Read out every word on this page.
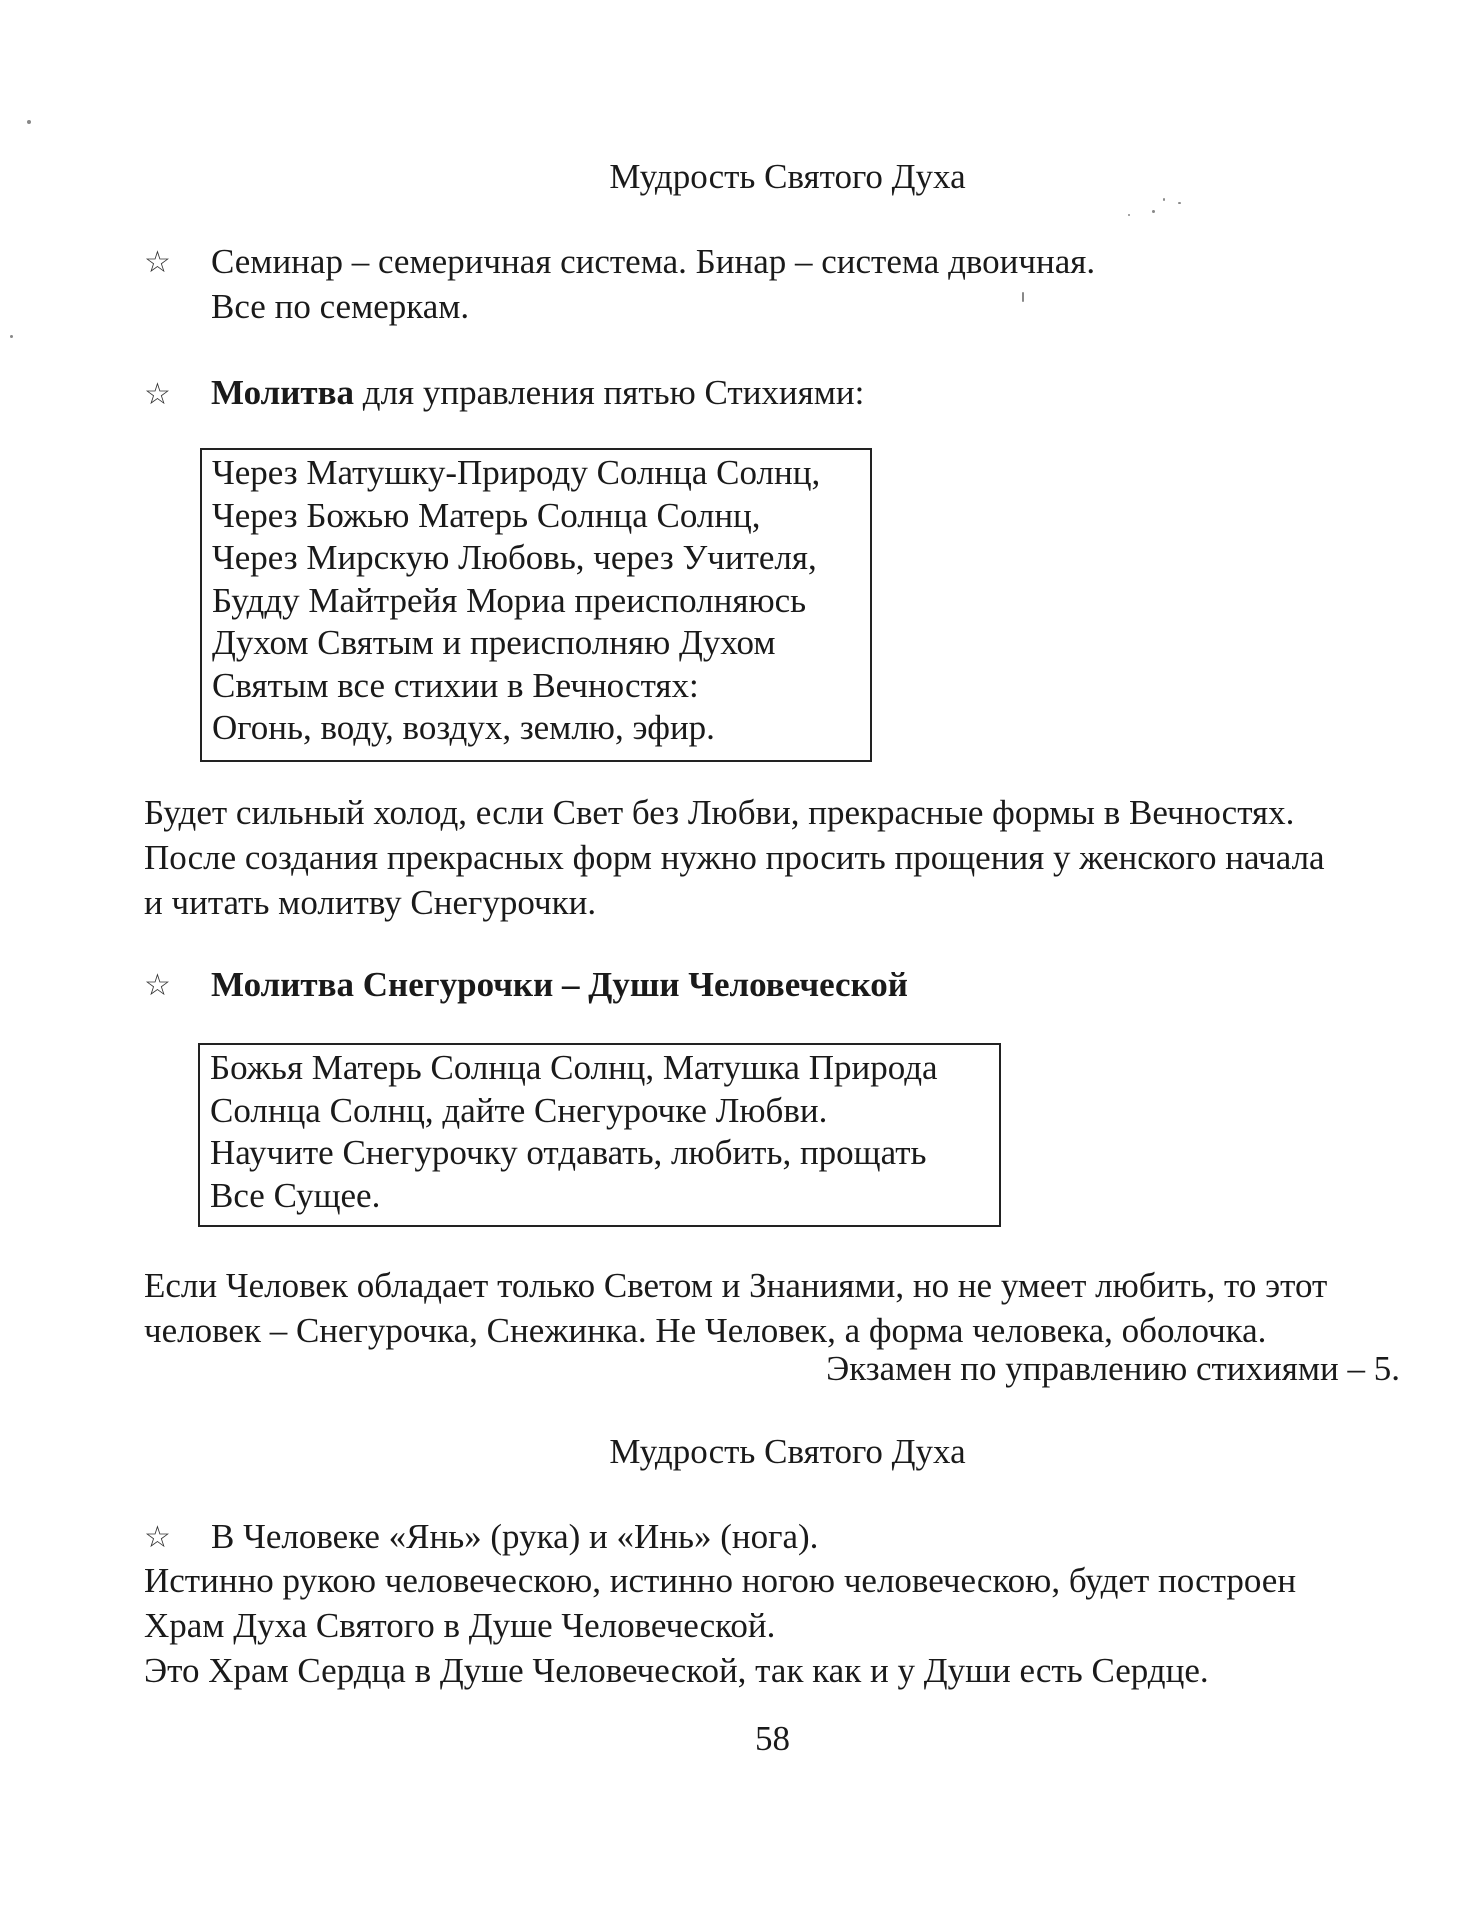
Мудрость Святого Духа
☆ Семинар – семеричная система. Бинар – система двоичная.
Все по семеркам.
☆ Молитва для управления пятью Стихиями:
Через Матушку-Природу Солнца Солнц,
Через Божью Матерь Солнца Солнц,
Через Мирскую Любовь, через Учителя,
Будду Майтрейя Мориа преисполняюсь
Духом Святым и преисполняю Духом
Святым все стихии в Вечностях:
Огонь, воду, воздух, землю, эфир.
Будет сильный холод, если Свет без Любви, прекрасные формы в Вечностях.
После создания прекрасных форм нужно просить прощения у женского начала
и читать молитву Снегурочки.
☆ Молитва Снегурочки – Души Человеческой
Божья Матерь Солнца Солнц, Матушка Природа
Солнца Солнц, дайте Снегурочке Любви.
Научите Снегурочку отдавать, любить, прощать
Все Сущее.
Если Человек обладает только Светом и Знаниями, но не умеет любить, то этот
человек – Снегурочка, Снежинка. Не Человек, а форма человека, оболочка.
Экзамен по управлению стихиями – 5.
Мудрость Святого Духа
☆ В Человеке «Янь» (рука) и «Инь» (нога).
Истинно рукою человеческою, истинно ногою человеческою, будет построен
Храм Духа Святого в Душе Человеческой.
Это Храм Сердца в Душе Человеческой, так как и у Души есть Сердце.
58
